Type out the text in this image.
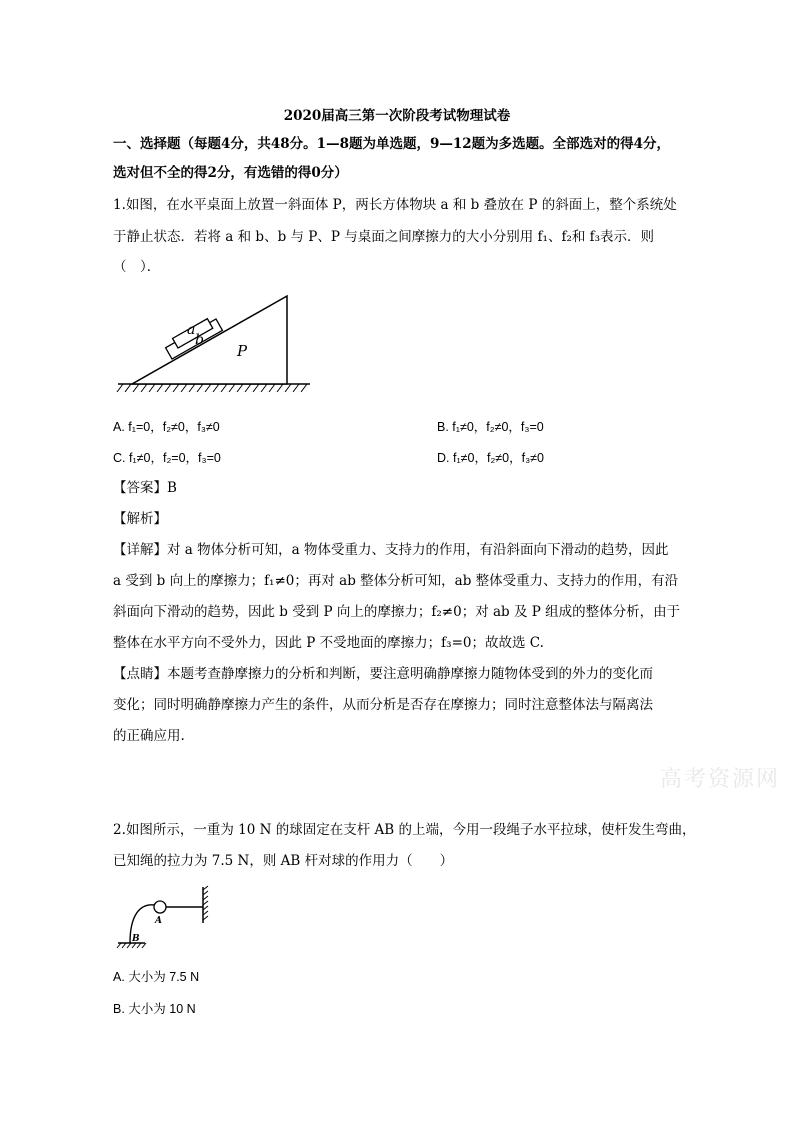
2020届高三第一次阶段考试物理试卷
一、选择题（每题4分，共48分。1—8题为单选题，9—12题为多选题。全部选对的得4分，
选对但不全的得2分，有选错的得0分）
1.如图，在水平桌面上放置一斜面体 P，两长方体物块 a 和 b 叠放在 P 的斜面上，整个系统处
于静止状态．若将 a 和 b、b 与 P、P 与桌面之间摩擦力的大小分别用 f₁、f₂和 f₃表示．则
（　）．
a
b
P
A. f₁=0，f₂≠0，f₃≠0	B. f₁≠0，f₂≠0，f₃=0
C. f₁≠0，f₂=0，f₃=0	D. f₁≠0，f₂≠0，f₃≠0
【答案】B
【解析】
【详解】对 a 物体分析可知，a 物体受重力、支持力的作用，有沿斜面向下滑动的趋势，因此
a 受到 b 向上的摩擦力；f₁≠0；再对 ab 整体分析可知，ab 整体受重力、支持力的作用，有沿
斜面向下滑动的趋势，因此 b 受到 P 向上的摩擦力；f₂≠0；对 ab 及 P 组成的整体分析，由于
整体在水平方向不受外力，因此 P 不受地面的摩擦力；f₃=0；故故选 C.
【点睛】本题考查静摩擦力的分析和判断，要注意明确静摩擦力随物体受到的外力的变化而
变化；同时明确静摩擦力产生的条件，从而分析是否存在摩擦力；同时注意整体法与隔离法
的正确应用.
高考资源网
2.如图所示，一重为 10 N 的球固定在支杆 AB 的上端，今用一段绳子水平拉球，使杆发生弯曲，
已知绳的拉力为 7.5 N，则 AB 杆对球的作用力（　　）
A
B
A. 大小为 7.5 N
B. 大小为 10 N
